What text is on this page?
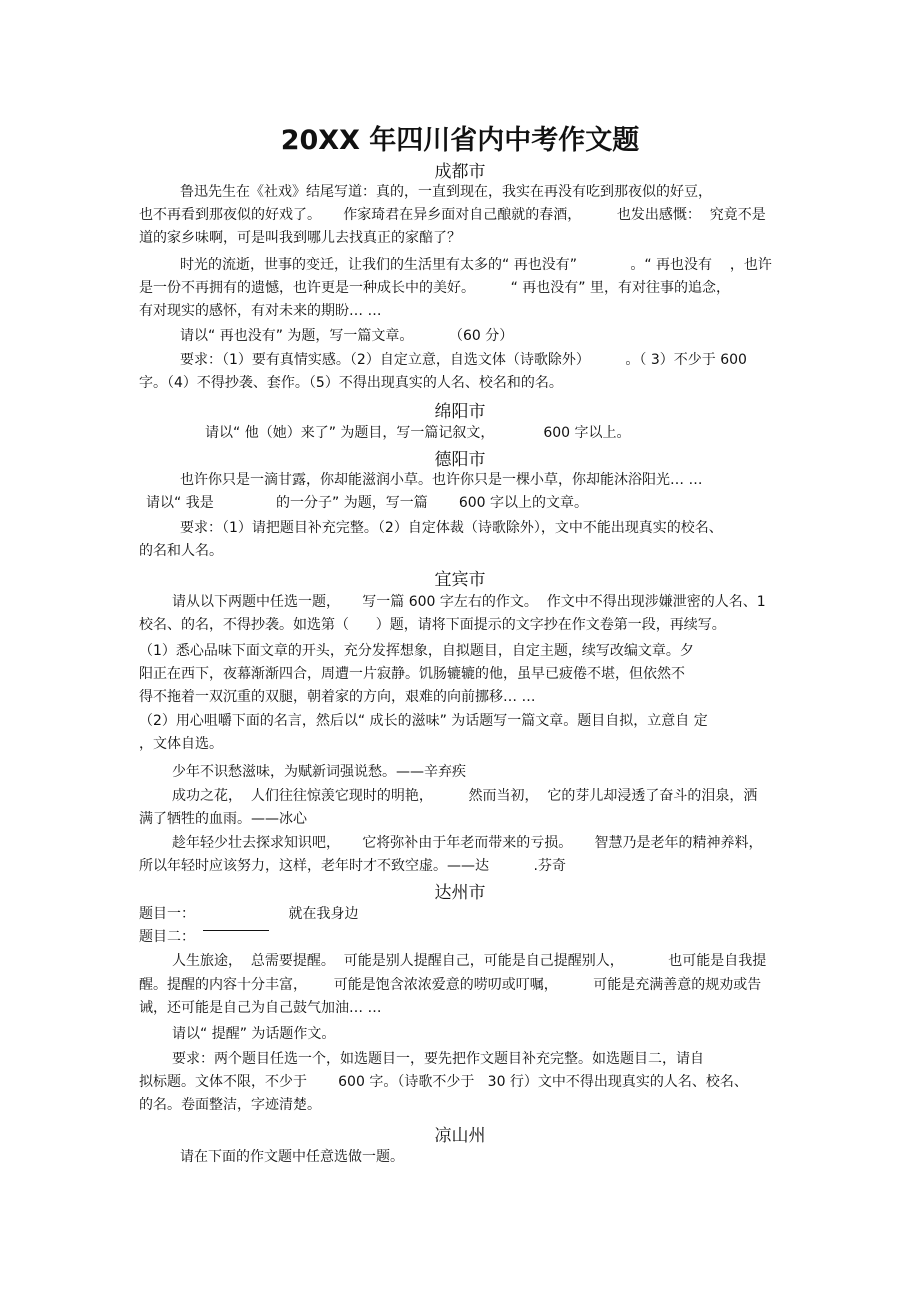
20XX 年四川省内中考作文题
成都市
鲁迅先生在《社戏》结尾写道：真的，一直到现在，我实在再没有吃到那夜似的好豆，
也不再看到那夜似的好戏了。     作家琦君在异乡面对自己酿就的春酒，        也发出感慨：  究竟不是
道的家乡味啊，可是叫我到哪儿去找真正的家醅了？
时光的流逝，世事的变迁，让我们的生活里有太多的“ 再也没有”            。“ 再也没有    ，也许
是一份不再拥有的遗憾，也许更是一种成长中的美好。        “ 再也没有” 里，有对往事的追念，
有对现实的感怀，有对未来的期盼… …
请以“ 再也没有” 为题，写一篇文章。        （60 分）
要求：（1）要有真情实感。（2）自定立意，自选文体（诗歌除外）        。（ 3）不少于 600
字。（4）不得抄袭、套作。（5）不得出现真实的人名、校名和的名。
绵阳市
请以“ 他（她）来了” 为题目，写一篇记叙文，           600 字以上。
德阳市
也许你只是一滴甘露，你却能滋润小草。也许你只是一棵小草，你却能沐浴阳光… …
请以“ 我是              的一分子” 为题，写一篇       600 字以上的文章。
要求：（1）请把题目补充完整。（2）自定体裁（诗歌除外），文中不能出现真实的校名、
的名和人名。
宜宾市
请从以下两题中任选一题，     写一篇 600 字左右的作文。  作文中不得出现涉嫌泄密的人名、1
校名、的名，不得抄袭。如选第（      ）题，请将下面提示的文字抄在作文卷第一段，再续写。
（1）悉心品味下面文章的开头，充分发挥想象，自拟题目，自定主题，续写改编文章。夕
阳正在西下，夜幕渐渐四合，周遭一片寂静。饥肠辘辘的他，虽早已疲倦不堪，但依然不
得不拖着一双沉重的双腿，朝着家的方向，艰难的向前挪移… …
（2）用心咀嚼下面的名言，然后以“ 成长的滋味” 为话题写一篇文章。题目自拟，立意自 定
，文体自选。
少年不识愁滋味，为赋新词强说愁。——辛弃疾
成功之花，  人们往往惊羡它现时的明艳，        然而当初，  它的芽儿却浸透了奋斗的泪泉，洒
满了牺牲的血雨。——冰心
趁年轻少壮去探求知识吧，     它将弥补由于年老而带来的亏损。     智慧乃是老年的精神养料，
所以年轻时应该努力，这样，老年时才不致空虚。——达          .芬奇
达州市
题目一：                     就在我身边
题目二：
人生旅途，  总需要提醒。  可能是别人提醒自己，可能是自己提醒别人，          也可能是自我提
醒。提醒的内容十分丰富，      可能是饱含浓浓爱意的唠叨或叮嘱，        可能是充满善意的规劝或告
诫，还可能是自己为自己鼓气加油… …
请以“ 提醒” 为话题作文。
要求：两个题目任选一个，如选题目一，要先把作文题目补充完整。如选题目二，请自
拟标题。文体不限，不少于       600 字。（诗歌不少于   30 行）文中不得出现真实的人名、校名、
的名。卷面整洁，字迹清楚。
凉山州
请在下面的作文题中任意选做一题。
